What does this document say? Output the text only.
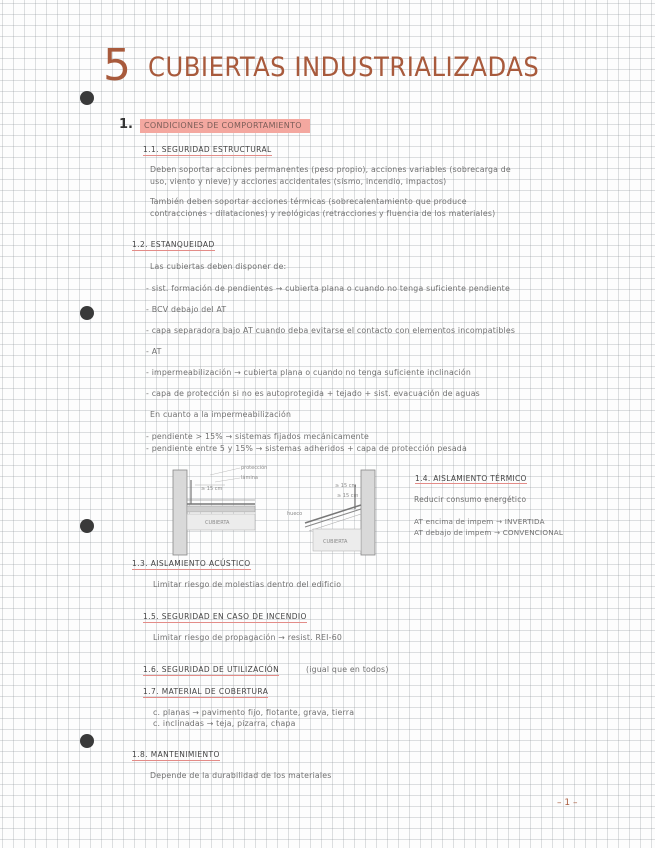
5 CUBIERTAS INDUSTRIALIZADAS
1.	CONDICIONES DE COMPORTAMIENTO
1.1. SEGURIDAD ESTRUCTURAL
Deben soportar acciones permanentes (peso propio), acciones variables (sobrecarga de
uso, viento y nieve) y acciones accidentales (sismo, incendio, impactos)
También deben soportar acciones térmicas (sobrecalentamiento que produce
contracciones - dilataciones) y reológicas (retracciones y fluencia de los materiales)
1.2. ESTANQUEIDAD
Las cubiertas deben disponer de:
- sist. formación de pendientes → cubierta plana o cuando no tenga suficiente pendiente
- BCV debajo del AT
- capa separadora bajo AT cuando deba evitarse el contacto con elementos incompatibles
- AT
- impermeabilización → cubierta plana o cuando no tenga suficiente inclinación
- capa de protección si no es autoprotegida + tejado + sist. evacuación de aguas
En cuanto a la impermeabilización
- pendiente > 15% → sistemas fijados mecánicamente
- pendiente entre 5 y 15% → sistemas adheridos + capa de protección pesada
protección
lámina
≥ 15 cm
CUBIERTA
≥ 15 cm
≥ 15 cm
hueco
CUBIERTA
1.4. AISLAMIENTO TÉRMICO
Reducir consumo energético
AT encima de impem → INVERTIDA
AT debajo de impem → CONVENCIONAL
1.3. AISLAMIENTO ACÚSTICO
Limitar riesgo de molestias dentro del edificio
1.5. SEGURIDAD EN CASO DE INCENDIO
Limitar riesgo de propagación → resist. REI-60
1.6. SEGURIDAD DE UTILIZACIÓN	(igual que en todos)
1.7. MATERIAL DE COBERTURA
c. planas → pavimento fijo, flotante, grava, tierra
c. inclinadas → teja, pizarra, chapa
1.8. MANTENIMIENTO
Depende de la durabilidad de los materiales
– 1 –
